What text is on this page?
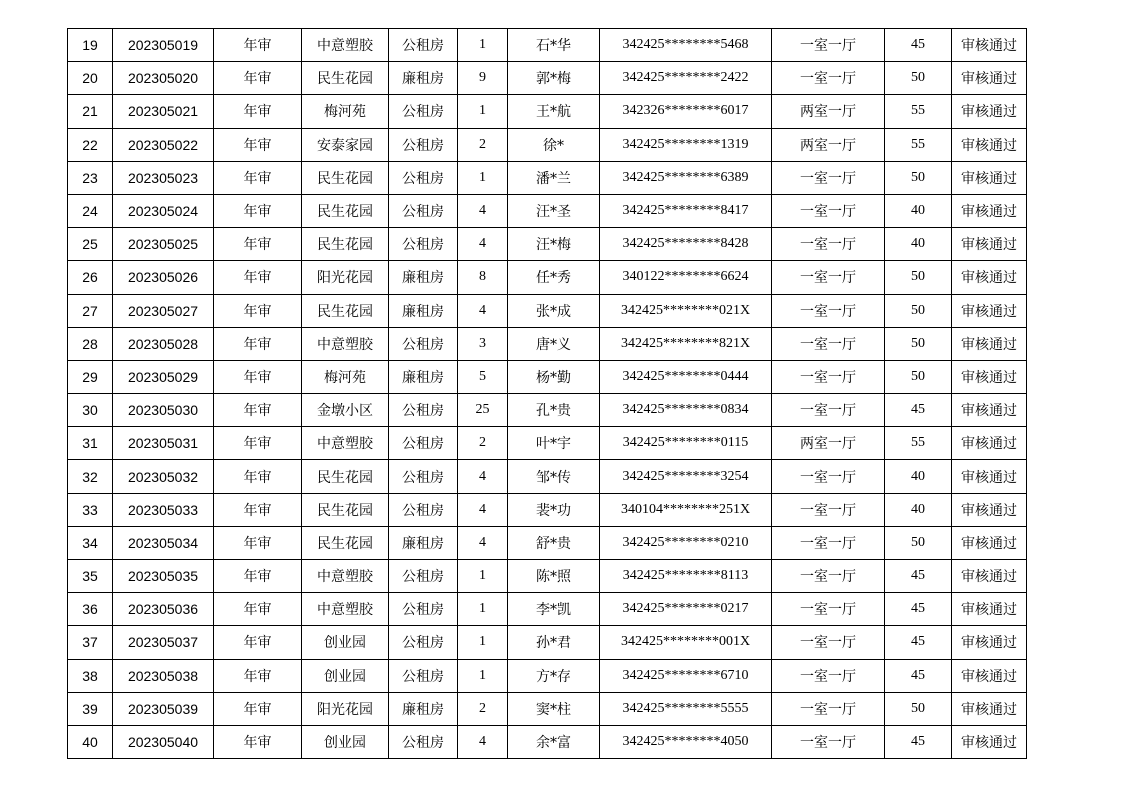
19	202305019	年审	中意塑胶	公租房	1	石*华	342425********5468	一室一厅	45	审核通过
20	202305020	年审	民生花园	廉租房	9	郭*梅	342425********2422	一室一厅	50	审核通过
21	202305021	年审	梅河苑	公租房	1	王*航	342326********6017	两室一厅	55	审核通过
22	202305022	年审	安泰家园	公租房	2	徐*	342425********1319	两室一厅	55	审核通过
23	202305023	年审	民生花园	公租房	1	潘*兰	342425********6389	一室一厅	50	审核通过
24	202305024	年审	民生花园	公租房	4	汪*圣	342425********8417	一室一厅	40	审核通过
25	202305025	年审	民生花园	公租房	4	汪*梅	342425********8428	一室一厅	40	审核通过
26	202305026	年审	阳光花园	廉租房	8	任*秀	340122********6624	一室一厅	50	审核通过
27	202305027	年审	民生花园	廉租房	4	张*成	342425********021X	一室一厅	50	审核通过
28	202305028	年审	中意塑胶	公租房	3	唐*义	342425********821X	一室一厅	50	审核通过
29	202305029	年审	梅河苑	廉租房	5	杨*勤	342425********0444	一室一厅	50	审核通过
30	202305030	年审	金墩小区	公租房	25	孔*贵	342425********0834	一室一厅	45	审核通过
31	202305031	年审	中意塑胶	公租房	2	叶*宇	342425********0115	两室一厅	55	审核通过
32	202305032	年审	民生花园	公租房	4	邹*传	342425********3254	一室一厅	40	审核通过
33	202305033	年审	民生花园	公租房	4	裴*功	340104********251X	一室一厅	40	审核通过
34	202305034	年审	民生花园	廉租房	4	舒*贵	342425********0210	一室一厅	50	审核通过
35	202305035	年审	中意塑胶	公租房	1	陈*照	342425********8113	一室一厅	45	审核通过
36	202305036	年审	中意塑胶	公租房	1	李*凯	342425********0217	一室一厅	45	审核通过
37	202305037	年审	创业园	公租房	1	孙*君	342425********001X	一室一厅	45	审核通过
38	202305038	年审	创业园	公租房	1	方*存	342425********6710	一室一厅	45	审核通过
39	202305039	年审	阳光花园	廉租房	2	窦*柱	342425********5555	一室一厅	50	审核通过
40	202305040	年审	创业园	公租房	4	余*富	342425********4050	一室一厅	45	审核通过
